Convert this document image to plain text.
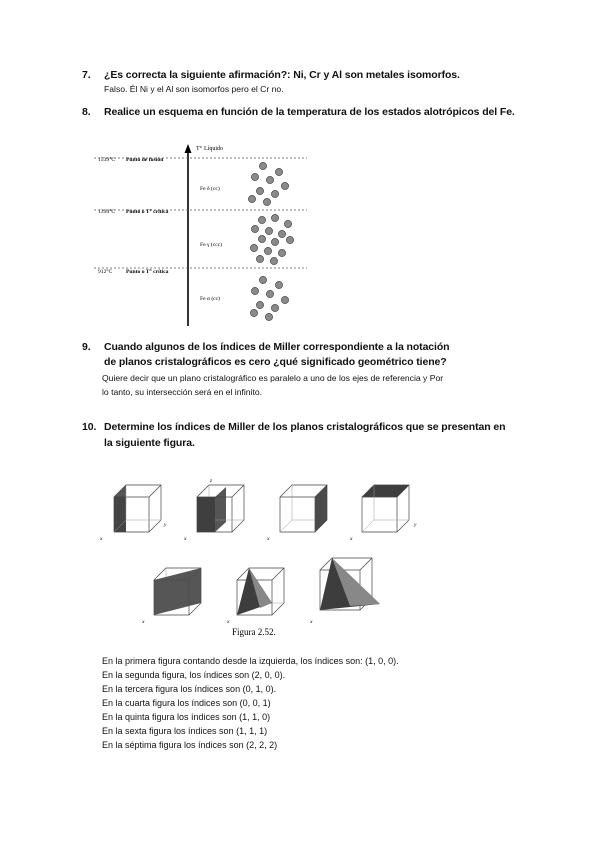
7. ¿Es correcta la siguiente afirmación?: Ni, Cr y Al son metales isomorfos.
Falso. Él Ni y el Al son isomorfos pero el Cr no.
8. Realice un esquema en función de la temperatura de los estados alotrópicos del Fe.
T° Líquido
1539°C Punto de fusión
1394°C Punto o T° crítica
912°C Punto o T° crítica
Fe δ (cc)
Fe γ (ccc)
Fe α (cc)
9. Cuando algunos de los índices de Miller correspondiente a la notación
de planos cristalográficos es cero ¿qué significado geométrico tiene?
Quiere decir que un plano cristalográfico es paralelo a uno de los ejes de referencia y Por
lo tanto, su intersección será en el infinito.
10. Determine los índices de Miller de los planos cristalográficos que se presentan en
la siguiente figura.
x	x	x	x
y	y
z
x	x	x
Figura 2.52.
En la primera figura contando desde la izquierda, los índices son: (1, 0, 0).
En la segunda figura, los índices son (2, 0, 0).
En la tercera figura los índices son (0, 1, 0).
En la cuarta figura los índices son (0, 0, 1)
En la quinta figura los índices son (1, 1, 0)
En la sexta figura los índices son (1, 1, 1)
En la séptima figura los índices son (2, 2, 2)
